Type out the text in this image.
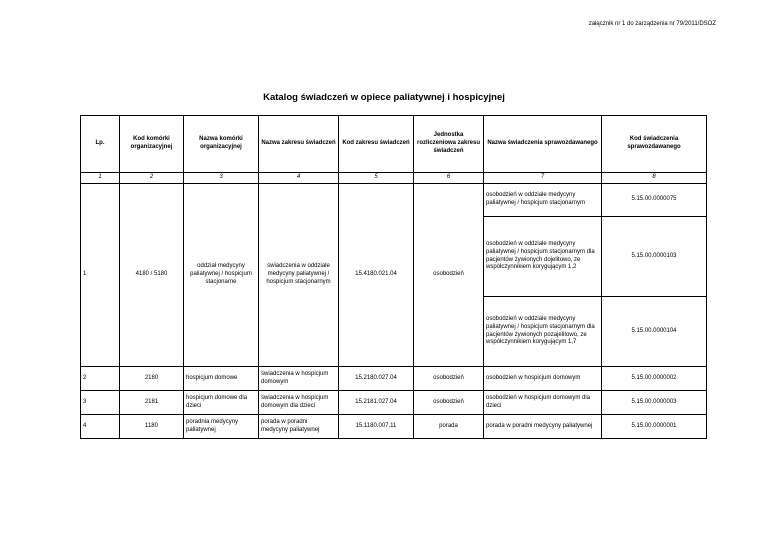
załącznik nr 1 do zarządzenia nr 79/2011/DSOZ
Katalog świadczeń w opiece paliatywnej i hospicyjnej
Lp.	Kod komórki organizacyjnej	Nazwa komórki organizacyjnej	Nazwa zakresu świadczeń	Kod zakresu świadczeń	Jednostka rozliczeniowa zakresu świadczeń	Nazwa świadczenia sprawozdawanego	Kod świadczenia sprawozdawanego
1	2	3	4	5	6	7	8
1	4180 / 5180	oddział medycyny paliatywnej / hospicjum stacjonarne	świadczenia w oddziale medycyny paliatywnej / hospicjum stacjonarnym	15.4180.021.04	osobodzień	osobodzień w oddziale medycyny paliatywnej / hospicjum stacjonarnym	5.15.00.0000075
						osobodzień w oddziale medycyny paliatywnej / hospicjum stacjonarnym dla pacjentów żywionych dojelitowo, ze współczynnikiem korygującym 1,2	5.15.00.0000103
						osobodzień w oddziale medycyny paliatywnej / hospicjum stacjonarnym dla pacjentów żywionych pozajelitowo, ze współczynnikiem korygującym 1,7	5.15.00.0000104
2	2180	hospicjum domowe	świadczenia w hospicjum domowym	15.2180.027.04	osobodzień	osobodzień w hospicjum domowym	5.15.00.0000002
3	2181	hospicjum domowe dla dzieci	świadczenia w hospicjum domowym dla dzieci	15.2181.027.04	osobodzień	osobodzień w hospicjum domowym dla dzieci	5.15.00.0000003
4	1180	poradnia medycyny paliatywnej	porada w poradni medycyny paliatywnej	15.1180.007.11	porada	porada w poradni medycyny paliatywnej	5.15.00.0000001
